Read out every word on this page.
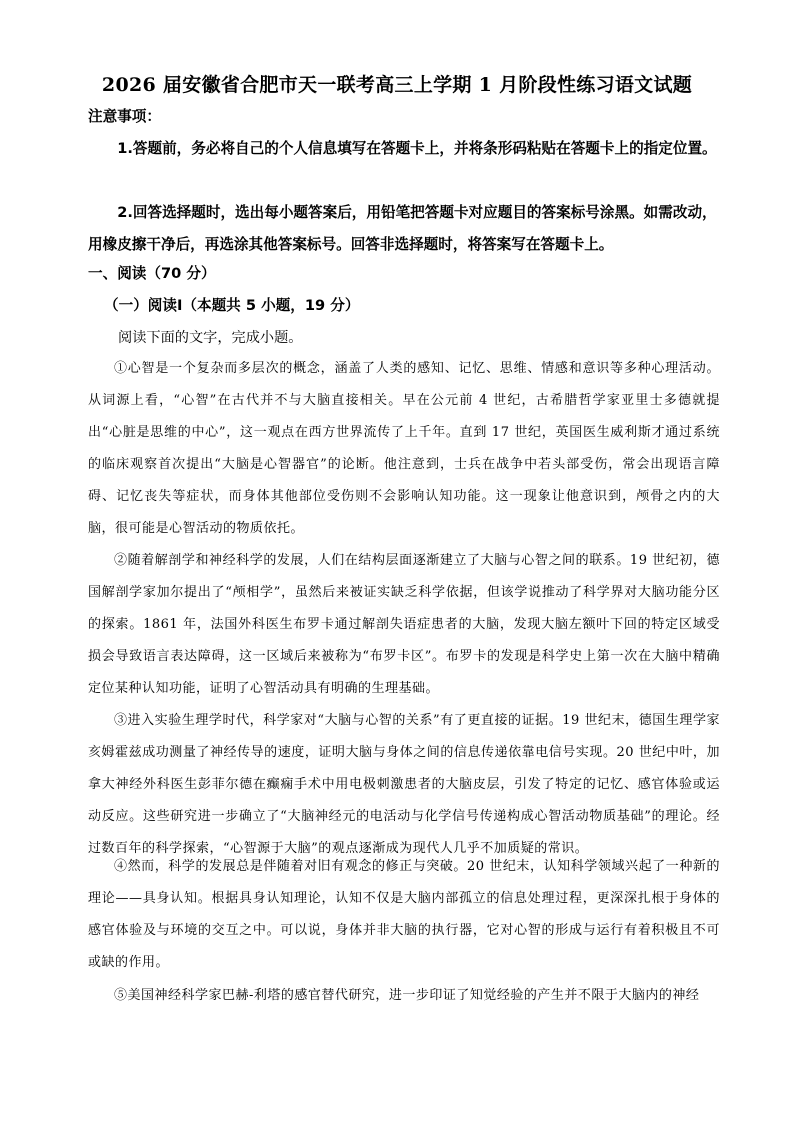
2026 届安徽省合肥市天一联考高三上学期 1 月阶段性练习语文试题
注意事项：
1.答题前，务必将自己的个人信息填写在答题卡上，并将条形码粘贴在答题卡上的指定位置。
2.回答选择题时，选出每小题答案后，用铅笔把答题卡对应题目的答案标号涂黑。如需改动，用橡皮擦干净后，再选涂其他答案标号。回答非选择题时，将答案写在答题卡上。
一、阅读（70 分）
（一）阅读Ⅰ（本题共 5 小题，19 分）
阅读下面的文字，完成小题。
①心智是一个复杂而多层次的概念，涵盖了人类的感知、记忆、思维、情感和意识等多种心理活动。从词源上看，“心智”在古代并不与大脑直接相关。早在公元前 4 世纪，古希腊哲学家亚里士多德就提出“心脏是思维的中心”，这一观点在西方世界流传了上千年。直到 17 世纪，英国医生威利斯才通过系统的临床观察首次提出“大脑是心智器官”的论断。他注意到，士兵在战争中若头部受伤，常会出现语言障碍、记忆丧失等症状，而身体其他部位受伤则不会影响认知功能。这一现象让他意识到，颅骨之内的大脑，很可能是心智活动的物质依托。
②随着解剖学和神经科学的发展，人们在结构层面逐渐建立了大脑与心智之间的联系。19 世纪初，德国解剖学家加尔提出了“颅相学”，虽然后来被证实缺乏科学依据，但该学说推动了科学界对大脑功能分区的探索。1861 年，法国外科医生布罗卡通过解剖失语症患者的大脑，发现大脑左额叶下回的特定区域受损会导致语言表达障碍，这一区域后来被称为“布罗卡区”。布罗卡的发现是科学史上第一次在大脑中精确定位某种认知功能，证明了心智活动具有明确的生理基础。
③进入实验生理学时代，科学家对“大脑与心智的关系”有了更直接的证据。19 世纪末，德国生理学家亥姆霍兹成功测量了神经传导的速度，证明大脑与身体之间的信息传递依靠电信号实现。20 世纪中叶，加拿大神经外科医生彭菲尔德在癫痫手术中用电极刺激患者的大脑皮层，引发了特定的记忆、感官体验或运动反应。这些研究进一步确立了“大脑神经元的电活动与化学信号传递构成心智活动物质基础”的理论。经过数百年的科学探索，“心智源于大脑”的观点逐渐成为现代人几乎不加质疑的常识。
④然而，科学的发展总是伴随着对旧有观念的修正与突破。20 世纪末，认知科学领域兴起了一种新的理论——具身认知。根据具身认知理论，认知不仅是大脑内部孤立的信息处理过程，更深深扎根于身体的感官体验及与环境的交互之中。可以说，身体并非大脑的执行器，它对心智的形成与运行有着积极且不可或缺的作用。
⑤美国神经科学家巴赫-利塔的感官替代研究，进一步印证了知觉经验的产生并不限于大脑内的神经
